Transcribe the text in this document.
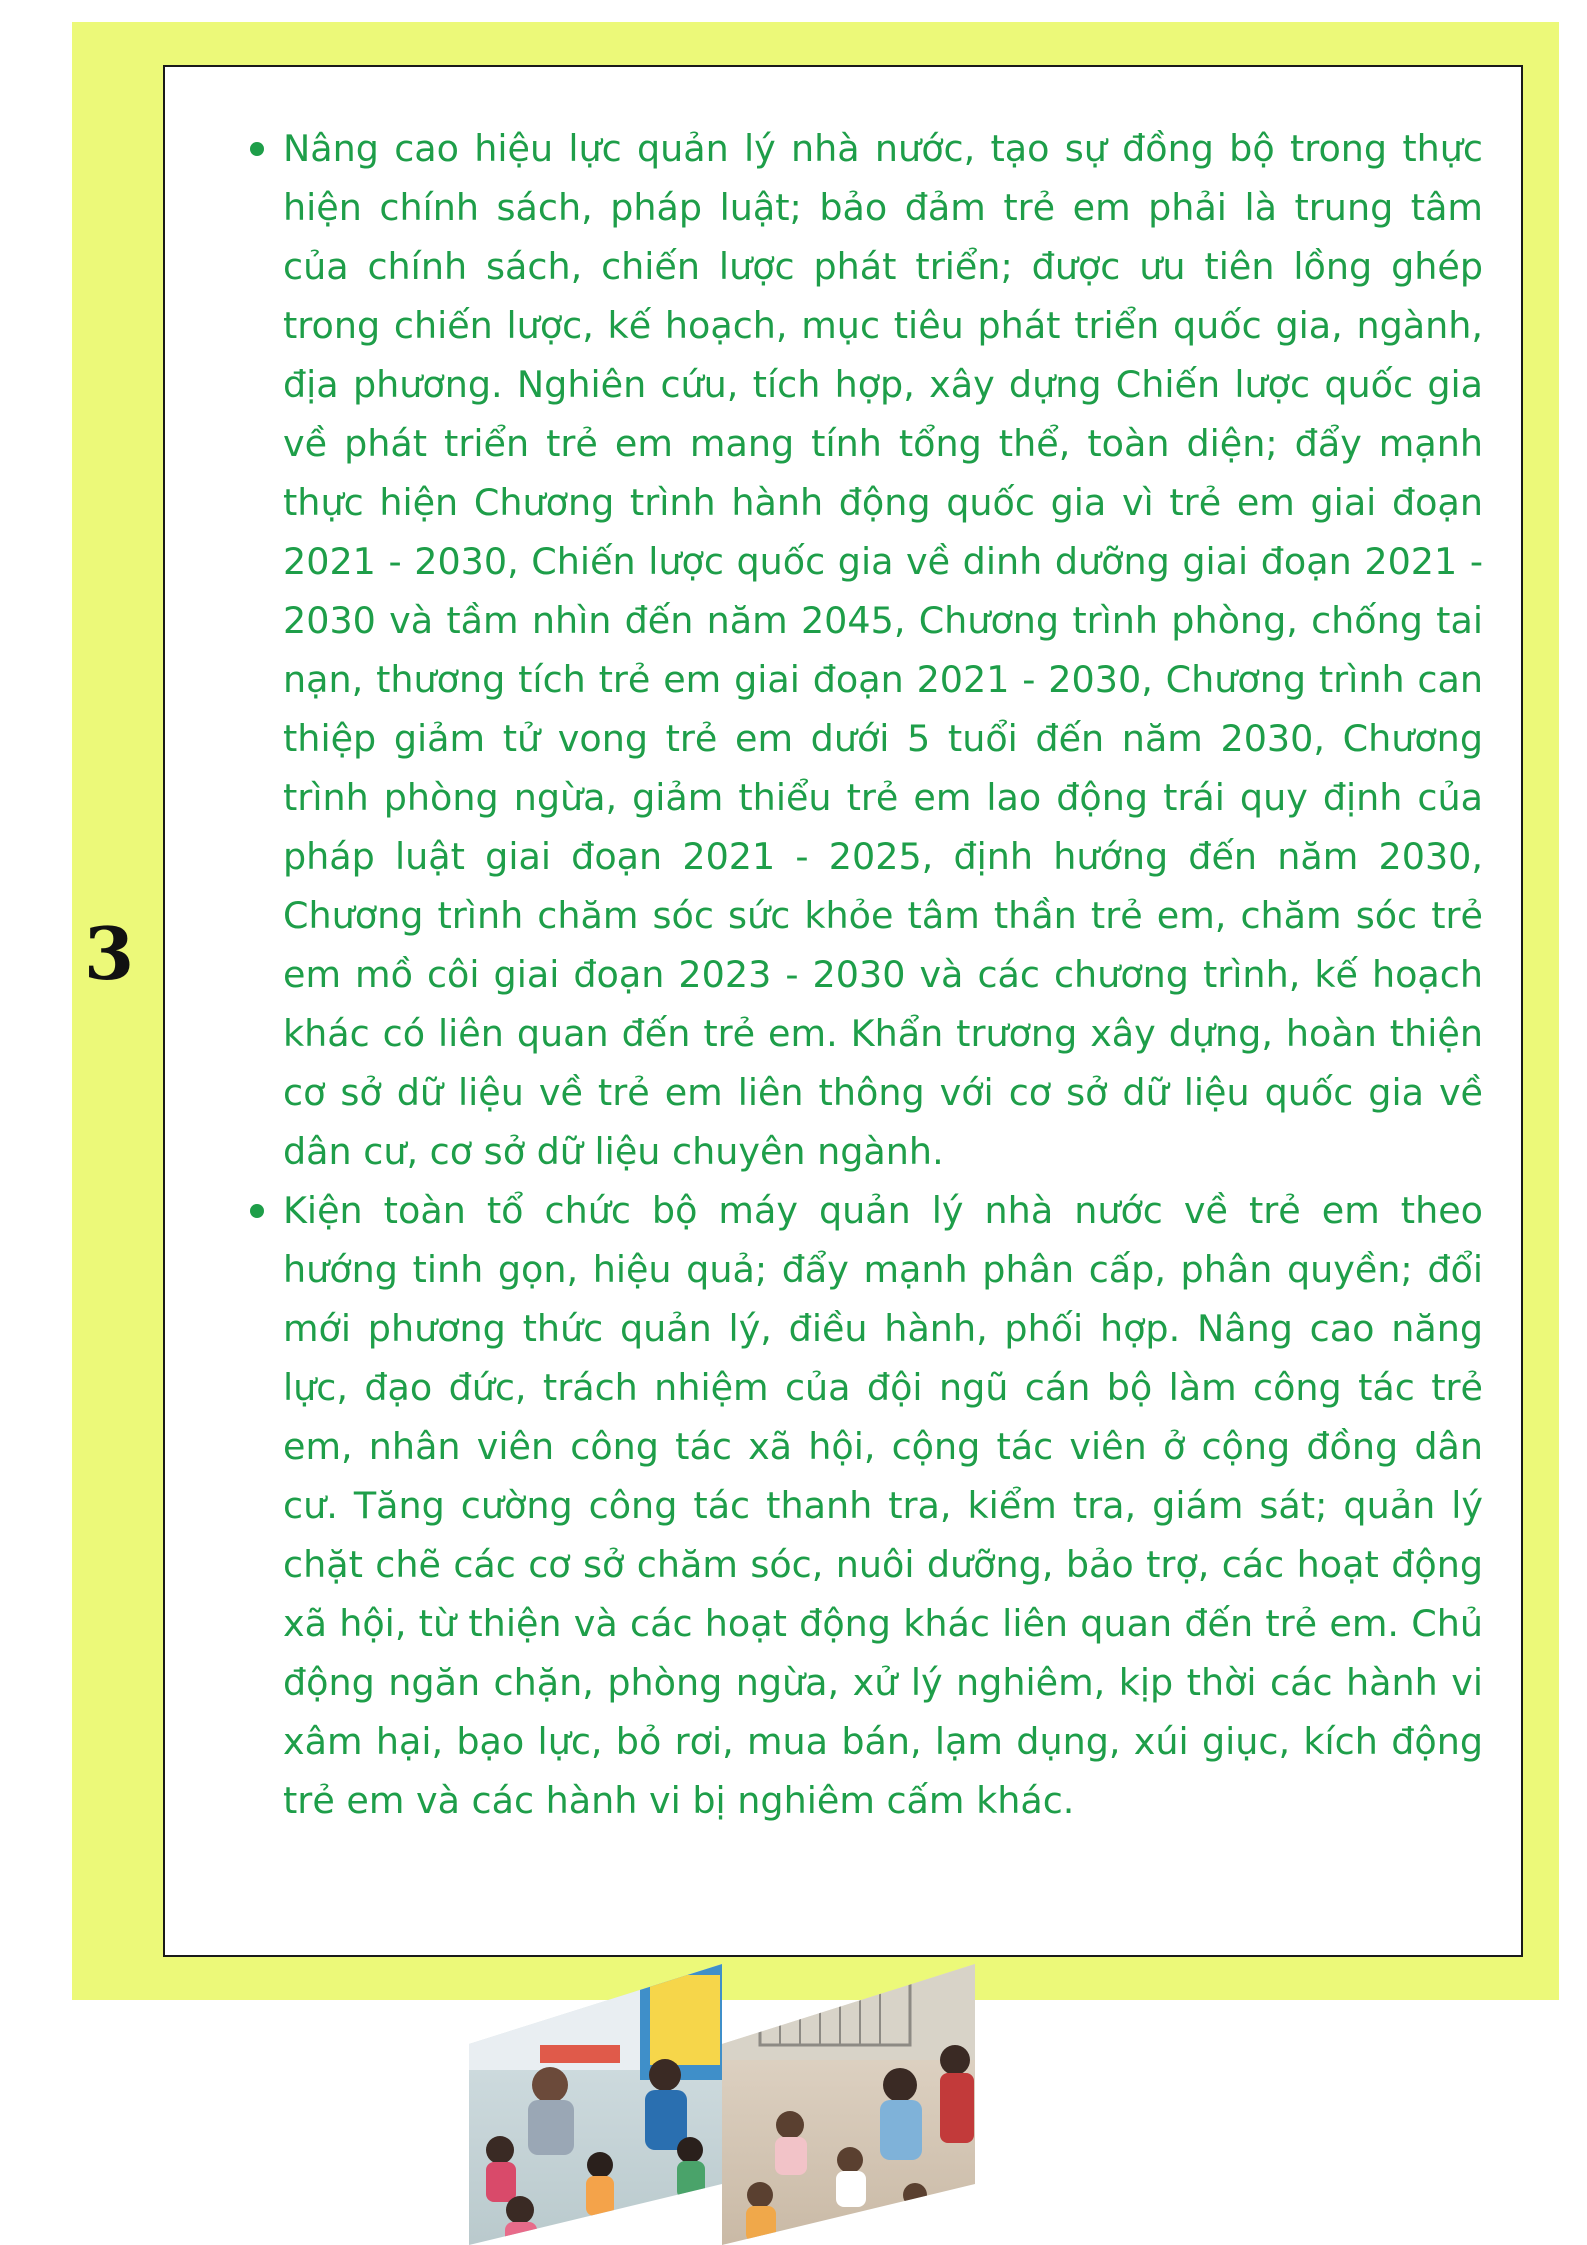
3
Nâng cao hiệu lực quản lý nhà nước, tạo sự đồng bộ trong thực hiện chính sách, pháp luật; bảo đảm trẻ em phải là trung tâm của chính sách, chiến lược phát triển; được ưu tiên lồng ghép trong chiến lược, kế hoạch, mục tiêu phát triển quốc gia, ngành, địa phương. Nghiên cứu, tích hợp, xây dựng Chiến lược quốc gia về phát triển trẻ em mang tính tổng thể, toàn diện; đẩy mạnh thực hiện Chương trình hành động quốc gia vì trẻ em giai đoạn 2021 - 2030, Chiến lược quốc gia về dinh dưỡng giai đoạn 2021 - 2030 và tầm nhìn đến năm 2045, Chương trình phòng, chống tai nạn, thương tích trẻ em giai đoạn 2021 - 2030, Chương trình can thiệp giảm tử vong trẻ em dưới 5 tuổi đến năm 2030, Chương trình phòng ngừa, giảm thiểu trẻ em lao động trái quy định của pháp luật giai đoạn 2021 - 2025, định hướng đến năm 2030, Chương trình chăm sóc sức khỏe tâm thần trẻ em, chăm sóc trẻ em mồ côi giai đoạn 2023 - 2030 và các chương trình, kế hoạch khác có liên quan đến trẻ em. Khẩn trương xây dựng, hoàn thiện cơ sở dữ liệu về trẻ em liên thông với cơ sở dữ liệu quốc gia về dân cư, cơ sở dữ liệu chuyên ngành.
Kiện toàn tổ chức bộ máy quản lý nhà nước về trẻ em theo hướng tinh gọn, hiệu quả; đẩy mạnh phân cấp, phân quyền; đổi mới phương thức quản lý, điều hành, phối hợp. Nâng cao năng lực, đạo đức, trách nhiệm của đội ngũ cán bộ làm công tác trẻ em, nhân viên công tác xã hội, cộng tác viên ở cộng đồng dân cư. Tăng cường công tác thanh tra, kiểm tra, giám sát; quản lý chặt chẽ các cơ sở chăm sóc, nuôi dưỡng, bảo trợ, các hoạt động xã hội, từ thiện và các hoạt động khác liên quan đến trẻ em. Chủ động ngăn chặn, phòng ngừa, xử lý nghiêm, kịp thời các hành vi xâm hại, bạo lực, bỏ rơi, mua bán, lạm dụng, xúi giục, kích động trẻ em và các hành vi bị nghiêm cấm khác.
